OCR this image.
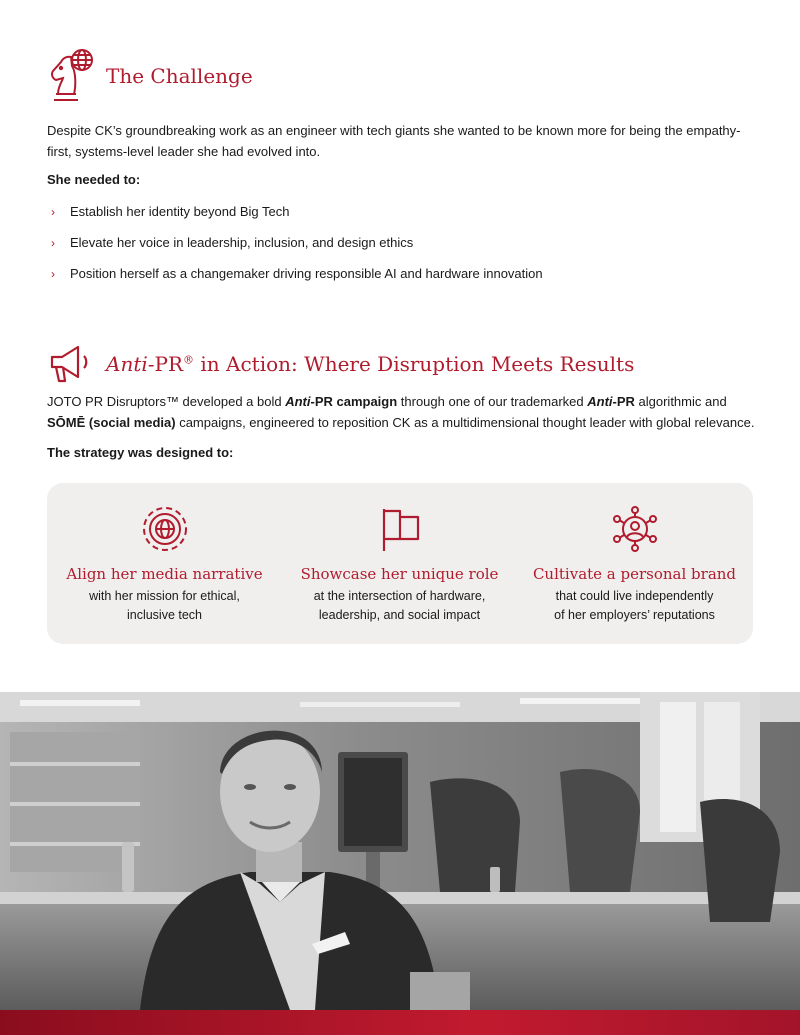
The Challenge

Despite CK’s groundbreaking work as an engineer with tech giants she wanted to be known more for being the empathy-first, systems-level leader she had evolved into.

She needed to:

›	Establish her identity beyond Big Tech
›	Elevate her voice in leadership, inclusion, and design ethics
›	Position herself as a changemaker driving responsible AI and hardware innovation
Anti-PR® in Action: Where Disruption Meets Results

JOTO PR Disruptors™ developed a bold Anti-PR campaign through one of our trademarked Anti-PR algorithmic and SŌMĒ (social media) campaigns, engineered to reposition CK as a multidimensional thought leader with global relevance.

The strategy was designed to:

Align her media narrative
with her mission for ethical,
inclusive tech
Showcase her unique role
at the intersection of hardware,
leadership, and social impact
Cultivate a personal brand
that could live independently
of her employers’ reputations
